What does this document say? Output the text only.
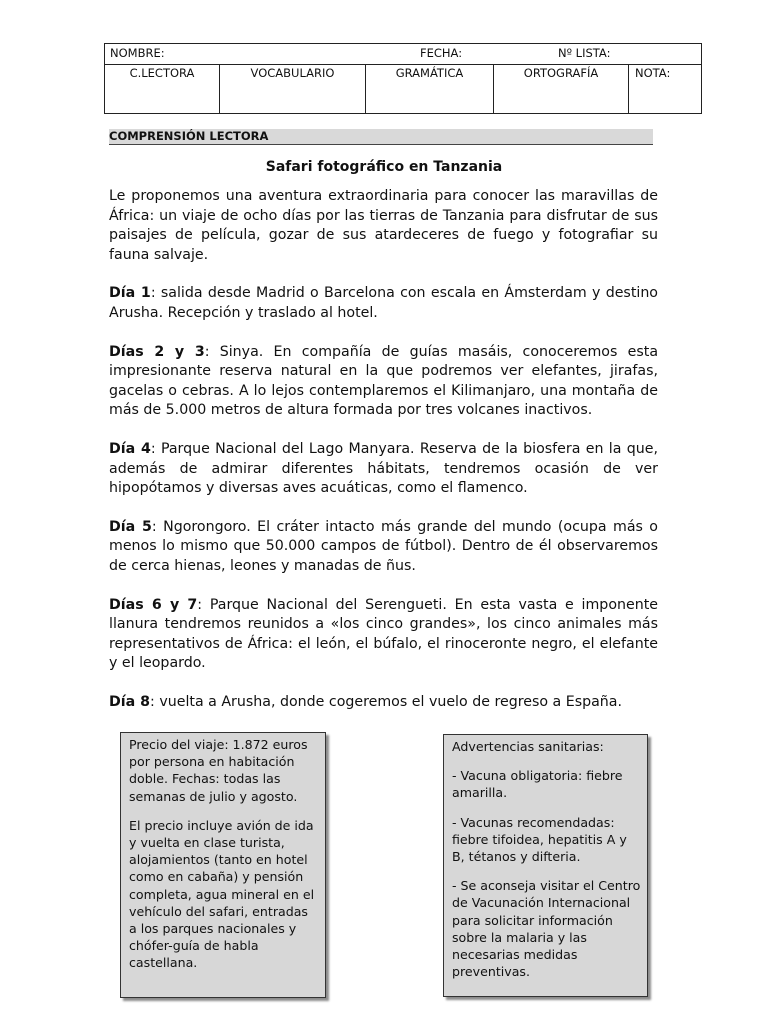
NOMBRE:	FECHA:	Nº LISTA:

C.LECTORA	VOCABULARIO	GRAMÁTICA	ORTOGRAFÍA	NOTA:
COMPRENSIÓN LECTORA
Safari fotográfico en Tanzania

Le proponemos una aventura extraordinaria para conocer las maravillas de África: un viaje de ocho días por las tierras de Tanzania para disfrutar de sus paisajes de película, gozar de sus atardeceres de fuego y fotografiar su fauna salvaje.

Día 1: salida desde Madrid o Barcelona con escala en Ámsterdam y destino Arusha. Recepción y traslado al hotel.

Días 2 y 3: Sinya. En compañía de guías masáis, conoceremos esta impresionante reserva natural en la que podremos ver elefantes, jirafas, gacelas o cebras. A lo lejos contemplaremos el Kilimanjaro, una montaña de más de 5.000 metros de altura formada por tres volcanes inactivos.

Día 4: Parque Nacional del Lago Manyara. Reserva de la biosfera en la que, además de admirar diferentes hábitats, tendremos ocasión de ver hipopótamos y diversas aves acuáticas, como el flamenco.

Día 5: Ngorongoro. El cráter intacto más grande del mundo (ocupa más o menos lo mismo que 50.000 campos de fútbol). Dentro de él observaremos de cerca hienas, leones y manadas de ñus.

Días 6 y 7: Parque Nacional del Serengueti. En esta vasta e imponente llanura tendremos reunidos a «los cinco grandes», los cinco animales más representativos de África: el león, el búfalo, el rinoceronte negro, el elefante y el leopardo.

Día 8: vuelta a Arusha, donde cogeremos el vuelo de regreso a España.

Precio del viaje: 1.872 euros por persona en habitación doble. Fechas: todas las semanas de julio y agosto.

El precio incluye avión de ida y vuelta en clase turista, alojamientos (tanto en hotel como en cabaña) y pensión completa, agua mineral en el vehículo del safari, entradas a los parques nacionales y chófer-guía de habla castellana.

Advertencias sanitarias:

- Vacuna obligatoria: fiebre amarilla.

- Vacunas recomendadas: fiebre tifoidea, hepatitis A y B, tétanos y difteria.

- Se aconseja visitar el Centro de Vacunación Internacional para solicitar información sobre la malaria y las necesarias medidas preventivas.
